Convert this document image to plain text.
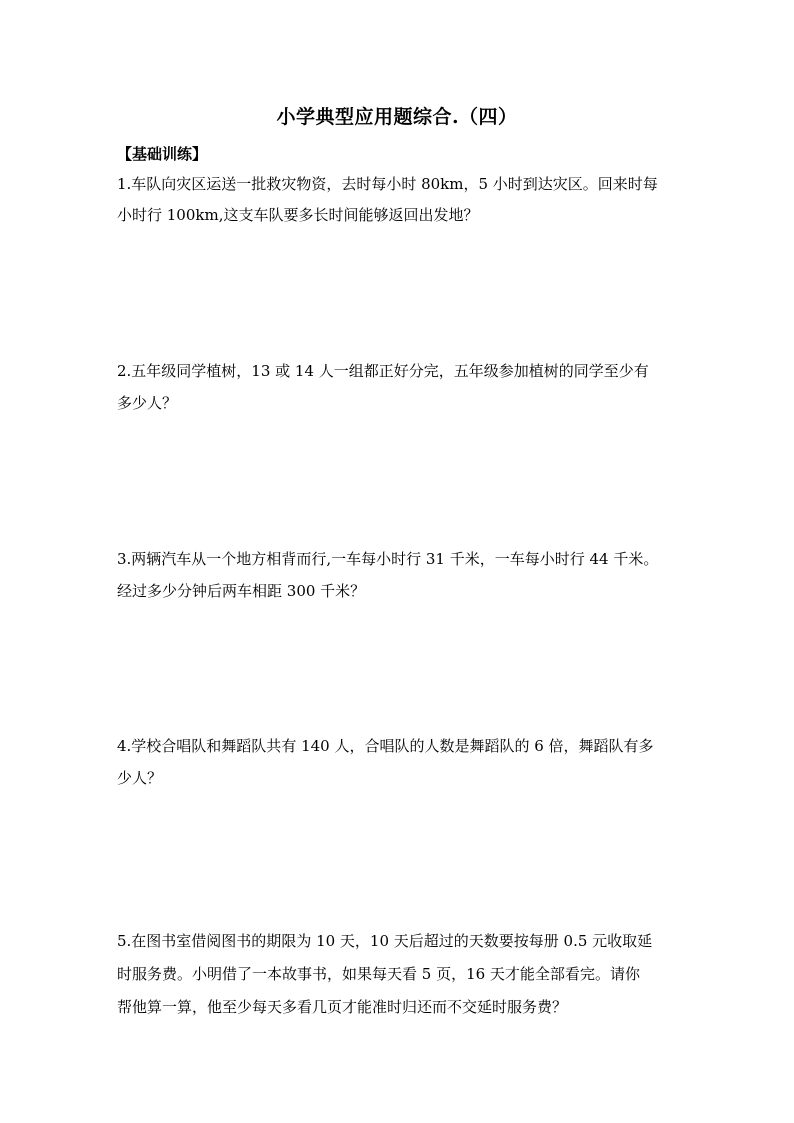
小学典型应用题综合.（四）
【基础训练】
1.车队向灾区运送一批救灾物资，去时每小时 80km，5 小时到达灾区。回来时每
小时行 100km,这支车队要多长时间能够返回出发地？
2.五年级同学植树，13 或 14 人一组都正好分完，五年级参加植树的同学至少有
多少人？
3.两辆汽车从一个地方相背而行,一车每小时行 31 千米，一车每小时行 44 千米。
经过多少分钟后两车相距 300 千米？
4.学校合唱队和舞蹈队共有 140 人，合唱队的人数是舞蹈队的 6 倍，舞蹈队有多
少人？
5.在图书室借阅图书的期限为 10 天，10 天后超过的天数要按每册 0.5 元收取延
时服务费。小明借了一本故事书，如果每天看 5 页，16 天才能全部看完。请你
帮他算一算，他至少每天多看几页才能准时归还而不交延时服务费？
